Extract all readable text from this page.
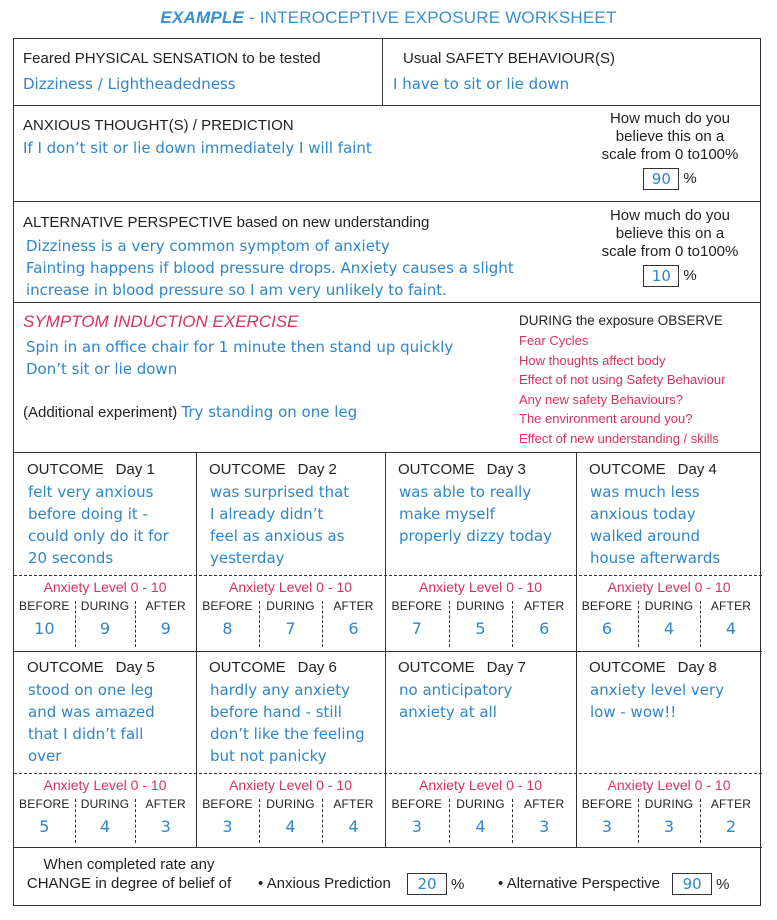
EXAMPLE - INTEROCEPTIVE EXPOSURE WORKSHEET
Feared PHYSICAL SENSATION to be tested
Dizziness / Lightheadedness
Usual SAFETY BEHAVIOUR(S)
I have to sit or lie down
ANXIOUS THOUGHT(S) / PREDICTION
If I don’t sit or lie down immediately I will faint
How much do you
believe this on a
scale from 0 to100%
90 %
ALTERNATIVE PERSPECTIVE based on new understanding
Dizziness is a very common symptom of anxiety
Fainting happens if blood pressure drops. Anxiety causes a slight
increase in blood pressure so I am very unlikely to faint.
How much do you
believe this on a
scale from 0 to100%
10 %
SYMPTOM INDUCTION EXERCISE
Spin in an office chair for 1 minute then stand up quickly
Don’t sit or lie down
(Additional experiment) Try standing on one leg
DURING the exposure OBSERVE
Fear Cycles
How thoughts affect body
Effect of not using Safety Behaviour
Any new safety Behaviours?
The environment around you?
Effect of new understanding / skills
OUTCOME Day 1
felt very anxious
before doing it -
could only do it for
20 seconds
Anxiety Level 0 - 10
BEFORE
10
DURING
9
AFTER
9
OUTCOME Day 2
was surprised that
I already didn’t
feel as anxious as
yesterday
Anxiety Level 0 - 10
BEFORE
8
DURING
7
AFTER
6
OUTCOME Day 3
was able to really
make myself
properly dizzy today
Anxiety Level 0 - 10
BEFORE
7
DURING
5
AFTER
6
OUTCOME Day 4
was much less
anxious today
walked around
house afterwards
Anxiety Level 0 - 10
BEFORE
6
DURING
4
AFTER
4
OUTCOME Day 5
stood on one leg
and was amazed
that I didn’t fall
over
Anxiety Level 0 - 10
BEFORE
5
DURING
4
AFTER
3
OUTCOME Day 6
hardly any anxiety
before hand - still
don’t like the feeling
but not panicky
Anxiety Level 0 - 10
BEFORE
3
DURING
4
AFTER
4
OUTCOME Day 7
no anticipatory
anxiety at all
Anxiety Level 0 - 10
BEFORE
3
DURING
4
AFTER
3
OUTCOME Day 8
anxiety level very
low - wow!!
Anxiety Level 0 - 10
BEFORE
3
DURING
3
AFTER
2
When completed rate any
CHANGE in degree of belief of	• Anxious Prediction 20 % • Alternative Perspective 90 %
